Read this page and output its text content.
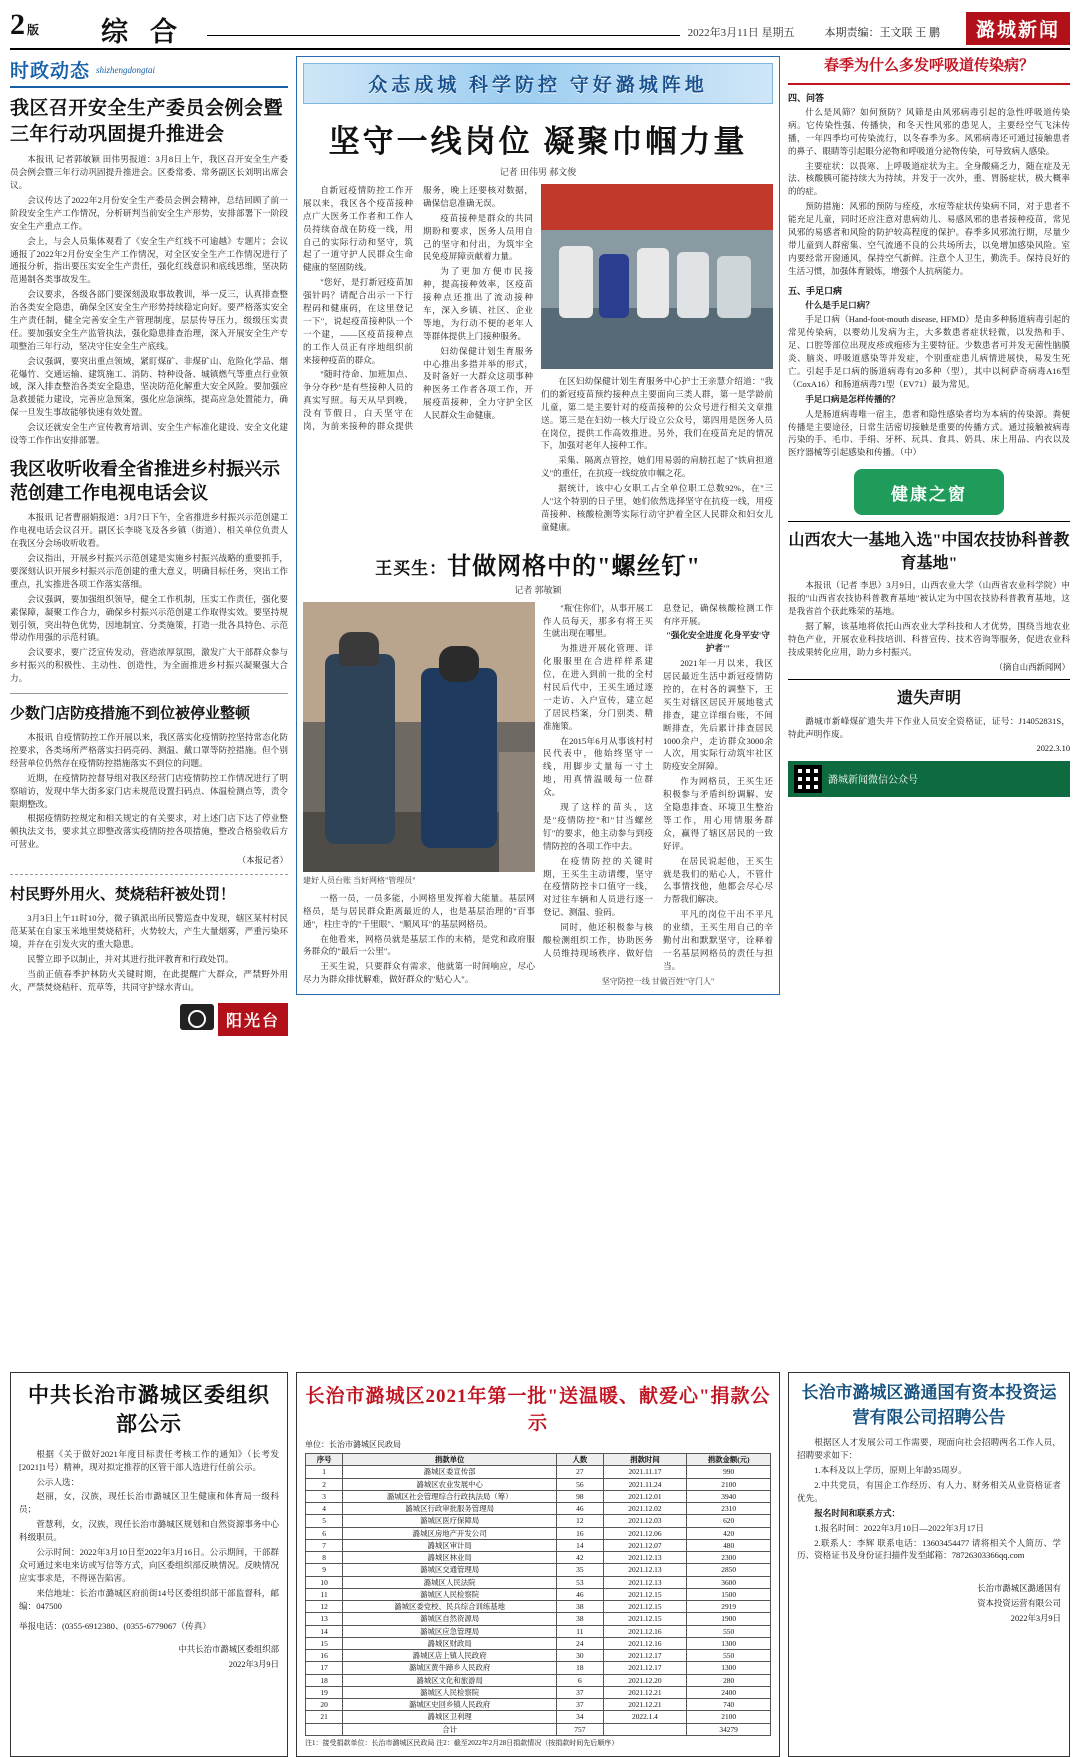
2 版 综合	2022年3月11日 星期五	本期责编：王文联 王 鹏	潞城新闻
时政动态 shizhengdongtai
我区召开安全生产委员会例会暨三年行动巩固提升推进会

本报讯 记者郭敏颖 田伟男报道：3月8日上午，我区召开安全生产委员会例会暨三年行动巩固提升推进会。区委常委、常务副区长刘明出席会议。

会议传达了2022年2月份安全生产委员会例会精神，总结回顾了前一阶段安全生产工作情况，分析研判当前安全生产形势，安排部署下一阶段安全生产重点工作。

会上，与会人员集体观看了《安全生产红线不可逾越》专题片；会议通报了2022年2月份安全生产工作情况，对全区安全生产工作情况进行了通报分析，指出要压实安全生产责任，强化红线意识和底线思维，坚决防范遏制各类事故发生。

会议要求，各级各部门要深刻汲取事故教训，举一反三，认真排查整治各类安全隐患，确保全区安全生产形势持续稳定向好。要严格落实安全生产责任制，健全完善安全生产管理制度，层层传导压力，级级压实责任。要加强安全生产监管执法，强化隐患排查治理，深入开展安全生产专项整治三年行动，坚决守住安全生产底线。

会议强调，要突出重点领域，紧盯煤矿、非煤矿山、危险化学品、烟花爆竹、交通运输、建筑施工、消防、特种设备、城镇燃气等重点行业领域，深入排查整治各类安全隐患，坚决防范化解重大安全风险。要加强应急救援能力建设，完善应急预案，强化应急演练，提高应急处置能力，确保一旦发生事故能够快速有效处置。

会议还就安全生产宣传教育培训、安全生产标准化建设、安全文化建设等工作作出安排部署。

我区收听收看全省推进乡村振兴示范创建工作电视电话会议

本报讯 记者曹丽娟报道：3月7日下午，全省推进乡村振兴示范创建工作电视电话会议召开。副区长李晓飞及各乡镇（街道）、相关单位负责人在我区分会场收听收看。

会议指出，开展乡村振兴示范创建是实施乡村振兴战略的重要抓手，要深刻认识开展乡村振兴示范创建的重大意义，明确目标任务，突出工作重点，扎实推进各项工作落实落细。

会议强调，要加强组织领导，健全工作机制，压实工作责任，强化要素保障，凝聚工作合力，确保乡村振兴示范创建工作取得实效。要坚持规划引领，突出特色优势，因地制宜、分类施策，打造一批各具特色、示范带动作用强的示范村镇。

会议要求，要广泛宣传发动，营造浓厚氛围，激发广大干部群众参与乡村振兴的积极性、主动性、创造性，为全面推进乡村振兴凝聚强大合力。

少数门店防疫措施不到位被停业整顿

本报讯 自疫情防控工作开展以来，我区落实化疫情防控坚持常态化防控要求，各类场所严格落实扫码亮码、测温、戴口罩等防控措施。但个别经营单位仍然存在疫情防控措施落实不到位的问题。

近期，在疫情防控督导组对我区经营门店疫情防控工作情况进行了明察暗访，发现中华大街多家门店未规范设置扫码点、体温检测点等，责令限期整改。

根据疫情防控规定和相关规定的有关要求，对上述门店下达了停业整顿执法文书，要求其立即整改落实疫情防控各项措施，整改合格验收后方可营业。

（本报记者）
村民野外用火、焚烧秸秆被处罚！

3月3日上午11时10分，微子镇派出所民警巡查中发现，辖区某村村民范某某在自家玉米地里焚烧秸秆，火势较大，产生大量烟雾，严重污染环境，并存在引发火灾的重大隐患。

民警立即予以制止，并对其进行批评教育和行政处罚。

当前正值春季护林防火关键时期，在此提醒广大群众，严禁野外用火，严禁焚烧秸秆、荒草等，共同守护绿水青山。

阳光台
众志成城 科学防控 守好潞城阵地
坚守一线岗位 凝聚巾帼力量
记者 田伟男 郝文俊

自新冠疫情防控工作开展以来，我区各个疫苗接种点广大医务工作者和工作人员持续奋战在防疫一线，用自己的实际行动和坚守，筑起了一道守护人民群众生命健康的坚固防线。

"您好，是打新冠疫苗加强针吗？请配合出示一下行程码和健康码，在这里登记一下"，说起疫苗接种队一个一个建，——区疫苗接种点的工作人员正有序地组织前来接种疫苗的群众。

"随时待命、加班加点、争分夺秒"是有些接种人员的真实写照。每天从早到晚，没有节假日，白天坚守在岗，为前来接种的群众提供服务，晚上还要核对数据，确保信息准确无误。

疫苗接种是群众的共同期盼和要求，医务人员用自己的坚守和付出，为筑牢全民免疫屏障贡献着力量。

为了更加方便市民接种，提高接种效率，区疫苗接种点还推出了流动接种车，深入乡镇、社区、企业等地，为行动不便的老年人等群体提供上门接种服务。

妇幼保健计划生育服务中心推出多措并举的形式，及时备好一大群众这项事种种医务工作者各项工作，开展疫苗接种，全力守护全区人民群众生命健康。

在区妇幼保健计划生育服务中心护士王亲慧介绍道："我们的新冠疫苗预约接种点主要面向三类人群，第一是学龄前儿童，第二是主要针对的疫苗接种的公众号进行相关文章推送。第三是在妇幼一核大厅设立公众号，第四用是医务人员在岗位，提供工作高效推进。另外，我们在疫苗充足的情况下，加强对老年人接种工作。

采集、隔离点管控，她们用易弱的肩膀扛起了"铁肩担道义"的重任，在抗疫一线绽放巾帼之花。

据统计，该中心女职工占全单位职工总数92%，在"三人"这个特别的日子里，她们依然选择坚守在抗疫一线，用疫苗接种、核酸检测等实际行动守护着全区人民群众和妇女儿童健康。

王买生： 甘做网格中的"螺丝钉"
记者 郭敏颖
建好人员台账 当好网格"管理员"

一格一员，一员多能，小网格里发挥着大能量。基层网格员，是与居民群众距离最近的人，也是基层治理的"百事通"，柱庄寺的"千里眼"、"顺风耳"的基层网格员。

在他看来，网格员就是基层工作的末梢，是党和政府服务群众的"最后一公里"。

王买生说，只要群众有需求，他就第一时间响应，尽心尽力为群众排忧解难，做好群众的"贴心人"。

"瓶'住你们'，从事开展工作人员每天，那多有将王买生就出现在哪里。

为推进开展化管理、详化服服里在合进样样系建位，在进入到前一批的全村村民后代中，王买生通过逐一走访、入户宣传，建立起了居民档案，分门别类、精准施策。

在2015年6月从事该村村民代表中，他始终坚守一线，用脚步丈量每一寸土地，用真情温暖每一位群众。

现了这样的苗头，这是"疫情防控"和"甘当螺丝钉"的要求，他主动参与到疫情防控的各项工作中去。

在疫情防控的关键时期，王买生主动请缨，坚守在疫情防控卡口值守一线，对过往车辆和人员进行逐一登记、测温、验码。

同时，他还积极参与核酸检测组织工作，协助医务人员维持现场秩序、做好信息登记，确保核酸检测工作有序开展。

"强化安全进度 化身平安'守护者'"

2021年一月以来，我区居民最近生活中新冠疫情防控的，在村各的调整下，王买生对辖区居民开展地毯式排查，建立详细台账，不间断排查，先后累计排查居民1000余户，走访群众3000余人次，用实际行动筑牢社区防疫安全屏障。

作为网格员，王买生还积极参与矛盾纠纷调解、安全隐患排查、环境卫生整治等工作，用心用情服务群众，赢得了辖区居民的一致好评。

在居民说起他，王买生就是我们的贴心人，不管什么事情找他，他都会尽心尽力帮我们解决。

平凡的岗位干出不平凡的业绩，王买生用自己的辛勤付出和默默坚守，诠释着一名基层网格员的责任与担当。

坚守防控一线 甘做百姓"守门人"
春季为什么多发呼吸道传染病？
四、问答

什么是风筛？如何预防？风筛是由风邪病毒引起的急性呼吸道传染病。它传染性强、传播快，和冬天性风邪的患见人，主要经空气飞沫传播，一年四季均可传染流行，以冬春季为多。风邪病毒还可通过接触患者的鼻子、眼睛等引起眼分泌物和呼吸道分泌物传染，可导致病人感染。

主要症状：以畏寒、上呼吸道症状为主。全身酸痛乏力，随在症及无法、核酸胰可能持续大为持续，并发于一次外，重、胃肠症状，极大概率的的症。

预防措施：风邪的预防与痊疫，水痘等症状传染病不同，对于患者不能充足儿童，同时还应注意对患病幼儿、易感风邪的患者接种疫苗，常见风邪的易感者和风险的防护较高程度的保护。春季多风邪流行期，尽量少带儿童到人群密集、空气流通不良的公共场所去，以免增加感染风险。室内要经常开窗通风，保持空气新鲜。注意个人卫生，勤洗手。保持良好的生活习惯，加强体育锻炼，增强个人抗病能力。

五、手足口病

什么是手足口病？

手足口病（Hand-foot-mouth disease, HFMD）是由多种肠道病毒引起的常见传染病，以婴幼儿发病为主，大多数患者症状轻微，以发热和手、足、口腔等部位出现皮疹或疱疹为主要特征。少数患者可并发无菌性脑膜炎、脑炎、呼吸道感染等并发症，个别重症患儿病情进展快，易发生死亡。引起手足口病的肠道病毒有20多种（型），其中以柯萨奇病毒A16型（CoxA16）和肠道病毒71型（EV71）最为常见。

手足口病是怎样传播的？

人是肠道病毒唯一宿主，患者和隐性感染者均为本病的传染源。粪便传播是主要途径，日常生活密切接触是重要的传播方式。通过接触被病毒污染的手、毛巾、手绢、牙杯、玩具、食具、奶具、床上用品、内衣以及医疗器械等引起感染和传播。（中）

健康之窗
山西农大一基地入选"中国农技协科普教育基地"

本报讯（记者 李思）3月9日，山西农业大学（山西省农业科学院）申报的"山西省农技协科普教育基地"被认定为中国农技协科普教育基地，这是我省首个获此殊荣的基地。

据了解，该基地将依托山西农业大学科技和人才优势，围绕当地农业特色产业，开展农业科技培训、科普宣传、技术咨询等服务，促进农业科技成果转化应用，助力乡村振兴。

（摘自山西新闻网）
遗失声明

潞城市新峰煤矿遗失井下作业人员安全资格证，证号：J14052831S，特此声明作废。

2022.3.10
潞城新闻微信公众号
中共长治市潞城区委组织部公示

根据《关于做好2021年度目标责任考核工作的通知》（长考发[2021]1号）精神，现对拟定推荐的区管干部人选进行任前公示。

公示人选：

赵丽，女，汉族，现任长治市潞城区卫生健康和体育局一级科员；

菅慧利，女，汉族，现任长治市潞城区规划和自然资源事务中心科级职员。

公示时间：2022年3月10日至2022年3月16日。公示期间，干部群众可通过来电来访或写信等方式，向区委组织部反映情况。反映情况应实事求是，不得诬告陷害。

来信地址：长治市潞城区府前街14号区委组织部干部监督科，邮编：047500

举报电话：(0355-6912380、(0355-6779067（传真）
中共长治市潞城区委组织部
2022年3月9日
长治市潞城区2021年第一批"送温暖、献爱心"捐款公示
单位：长治市潞城区民政局
序号	捐款单位	人数	捐款时间	捐款金额(元)
1	潞城区委宣传部	27	2021.11.17	990
2	潞城区农业发展中心	56	2021.11.24	2100
3	潞城区社会管理综合行政执法局（筹）	98	2021.12.01	3940
4	潞城区行政审批服务管理局	46	2021.12.02	2310
5	潞城区医疗保障局	12	2021.12.03	620
6	潞城区房地产开发公司	16	2021.12.06	420
7	潞城区审计局	14	2021.12.07	480
8	潞城区林业局	42	2021.12.13	2300
9	潞城区交通管理局	35	2021.12.13	2850
10	潞城区人民法院	53	2021.12.13	3600
11	潞城区人民检察院	46	2021.12.15	1500
12	潞城区委党校、民兵综合训练基地	38	2021.12.15	2919
13	潞城区自然资源局	38	2021.12.15	1900
14	潞城区应急管理局	11	2021.12.16	550
15	潞城区财政局	24	2021.12.16	1300
16	潞城区店上镇人民政府	30	2021.12.17	550
17	潞城区黄牛蹄乡人民政府	18	2021.12.17	1300
18	潞城区文化和旅游局	6	2021.12.20	280
19	潞城区人民检察院	37	2021.12.21	2400
20	潞城区史回乡镇人民政府	37	2021.12.21	740
21	潞城区卫利理	34	2022.1.4	2100
	合计	757		34279
注1：接受捐款单位：长治市潞城区民政局 注2：截至2022年2月28日捐款情况（按捐款时间先后顺序）
长治市潞城区潞通国有资本投资运营有限公司招聘公告

根据区人才发展公司工作需要，现面向社会招聘两名工作人员，招聘要求如下：

1.本科及以上学历，原则上年龄35周岁。

2.中共党员，有国企工作经历、有人力、财务相关从业资格证者优先。

报名时间和联系方式：

1.报名时间：2022年3月10日—2022年3月17日

2.联系人：李辉 联系电话：13603454477 请将相关个人简历、学历、资格证书及身份证扫描件发至邮箱：78726303366qq.com

长治市潞城区潞通国有
资本投资运营有限公司
2022年3月9日
